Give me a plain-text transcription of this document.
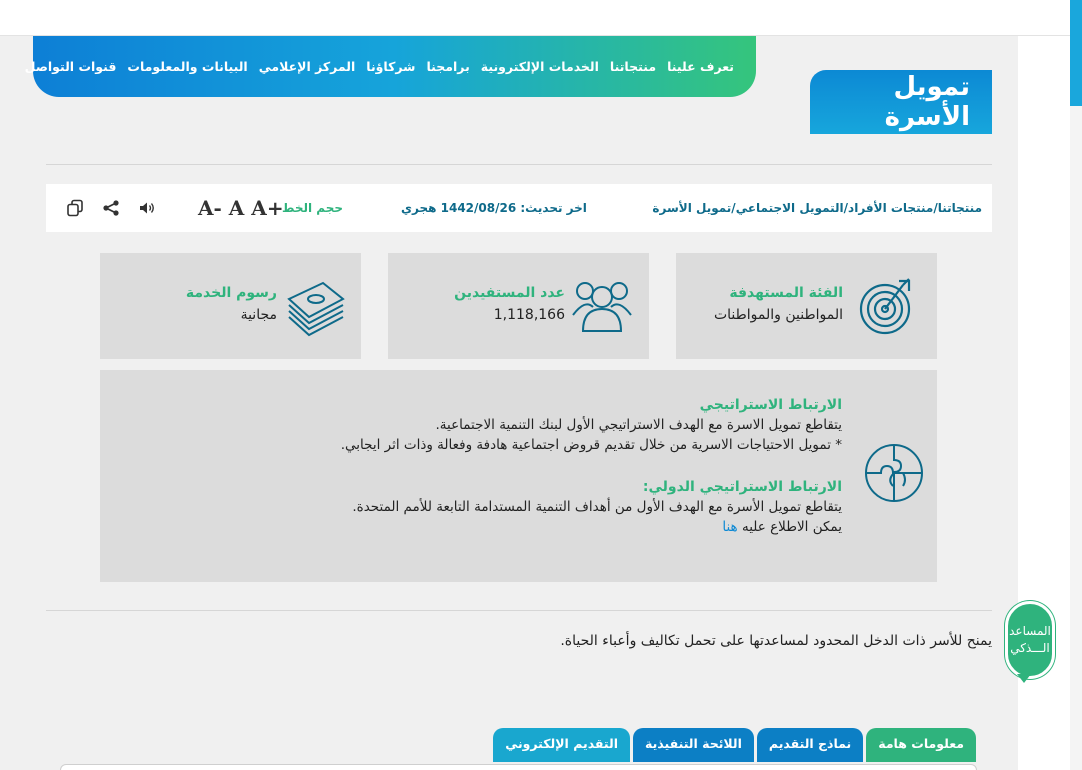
تعرف علينا
منتجاتنا
الخدمات الإلكترونية
برامجنا
شركاؤنا
المركز الإعلامي
البيانات والمعلومات
قنوات التواصل
تمويل الأسرة
منتجاتنا/منتجات الأفراد/التمويل الاجتماعي/تمويل الأسرة
اخر تحديث: 1442/08/26 هجري
حجم الخط
A- A A+
الفئة المستهدفة
المواطنين والمواطنات
عدد المستفيدين
1,118,166
رسوم الخدمة
مجانية
الارتباط الاستراتيجي

يتقاطع تمويل الاسرة مع الهدف الاستراتيجي الأول لبنك التنمية الاجتماعية.

* تمويل الاحتياجات الاسرية من خلال تقديم قروض اجتماعية هادفة وفعالة وذات اثر ايجابي.

الارتباط الاستراتيجي الدولي:

يتقاطع تمويل الأسرة مع الهدف الأول من أهداف التنمية المستدامة التابعة للأمم المتحدة.

يمكن الاطلاع عليه هنا

يمنح للأسر ذات الدخل المحدود لمساعدتها على تحمل تكاليف وأعباء الحياة.
معلومات هامة
نماذج التقديم
اللائحة التنفيذية
التقديم الإلكتروني
المساعد
الـــذكي
